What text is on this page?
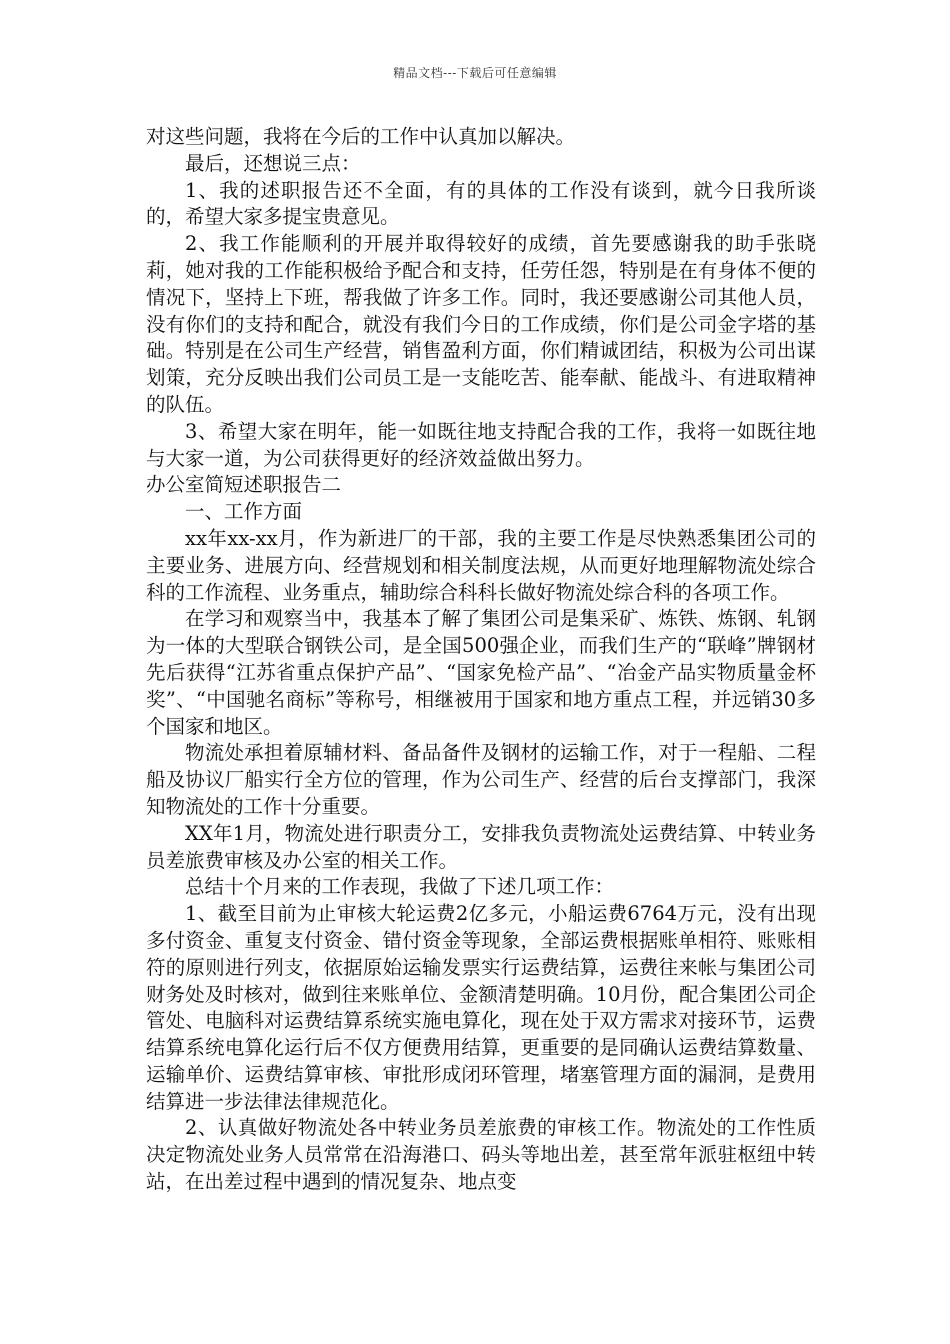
精品文档---下载后可任意编辑

对这些问题，我将在今后的工作中认真加以解决。

最后，还想说三点：

1、我的述职报告还不全面，有的具体的工作没有谈到，就今日我所谈的，希望大家多提宝贵意见。

2、我工作能顺利的开展并取得较好的成绩，首先要感谢我的助手张晓莉，她对我的工作能积极给予配合和支持，任劳任怨，特别是在有身体不便的情况下，坚持上下班，帮我做了许多工作。同时，我还要感谢公司其他人员，没有你们的支持和配合，就没有我们今日的工作成绩，你们是公司金字塔的基础。特别是在公司生产经营，销售盈利方面，你们精诚团结，积极为公司出谋划策，充分反映出我们公司员工是一支能吃苦、能奉献、能战斗、有进取精神的队伍。

3、希望大家在明年，能一如既往地支持配合我的工作，我将一如既往地与大家一道，为公司获得更好的经济效益做出努力。

办公室简短述职报告二

一、工作方面

xx年xx-xx月，作为新进厂的干部，我的主要工作是尽快熟悉集团公司的主要业务、进展方向、经营规划和相关制度法规，从而更好地理解物流处综合科的工作流程、业务重点，辅助综合科科长做好物流处综合科的各项工作。

在学习和观察当中，我基本了解了集团公司是集采矿、炼铁、炼钢、轧钢为一体的大型联合钢铁公司，是全国500强企业，而我们生产的“联峰”牌钢材先后获得“江苏省重点保护产品”、“国家免检产品”、“冶金产品实物质量金杯奖”、“中国驰名商标”等称号，相继被用于国家和地方重点工程，并远销30多个国家和地区。

物流处承担着原辅材料、备品备件及钢材的运输工作，对于一程船、二程船及协议厂船实行全方位的管理，作为公司生产、经营的后台支撑部门，我深知物流处的工作十分重要。

XX年1月，物流处进行职责分工，安排我负责物流处运费结算、中转业务员差旅费审核及办公室的相关工作。

总结十个月来的工作表现，我做了下述几项工作：

1、截至目前为止审核大轮运费2亿多元，小船运费6764万元，没有出现多付资金、重复支付资金、错付资金等现象，全部运费根据账单相符、账账相符的原则进行列支，依据原始运输发票实行运费结算，运费往来帐与集团公司财务处及时核对，做到往来账单位、金额清楚明确。10月份，配合集团公司企管处、电脑科对运费结算系统实施电算化，现在处于双方需求对接环节，运费结算系统电算化运行后不仅方便费用结算，更重要的是同确认运费结算数量、运输单价、运费结算审核、审批形成闭环管理，堵塞管理方面的漏洞，是费用结算进一步法律法律规范化。

2、认真做好物流处各中转业务员差旅费的审核工作。物流处的工作性质决定物流处业务人员常常在沿海港口、码头等地出差，甚至常年派驻枢纽中转站，在出差过程中遇到的情况复杂、地点变
